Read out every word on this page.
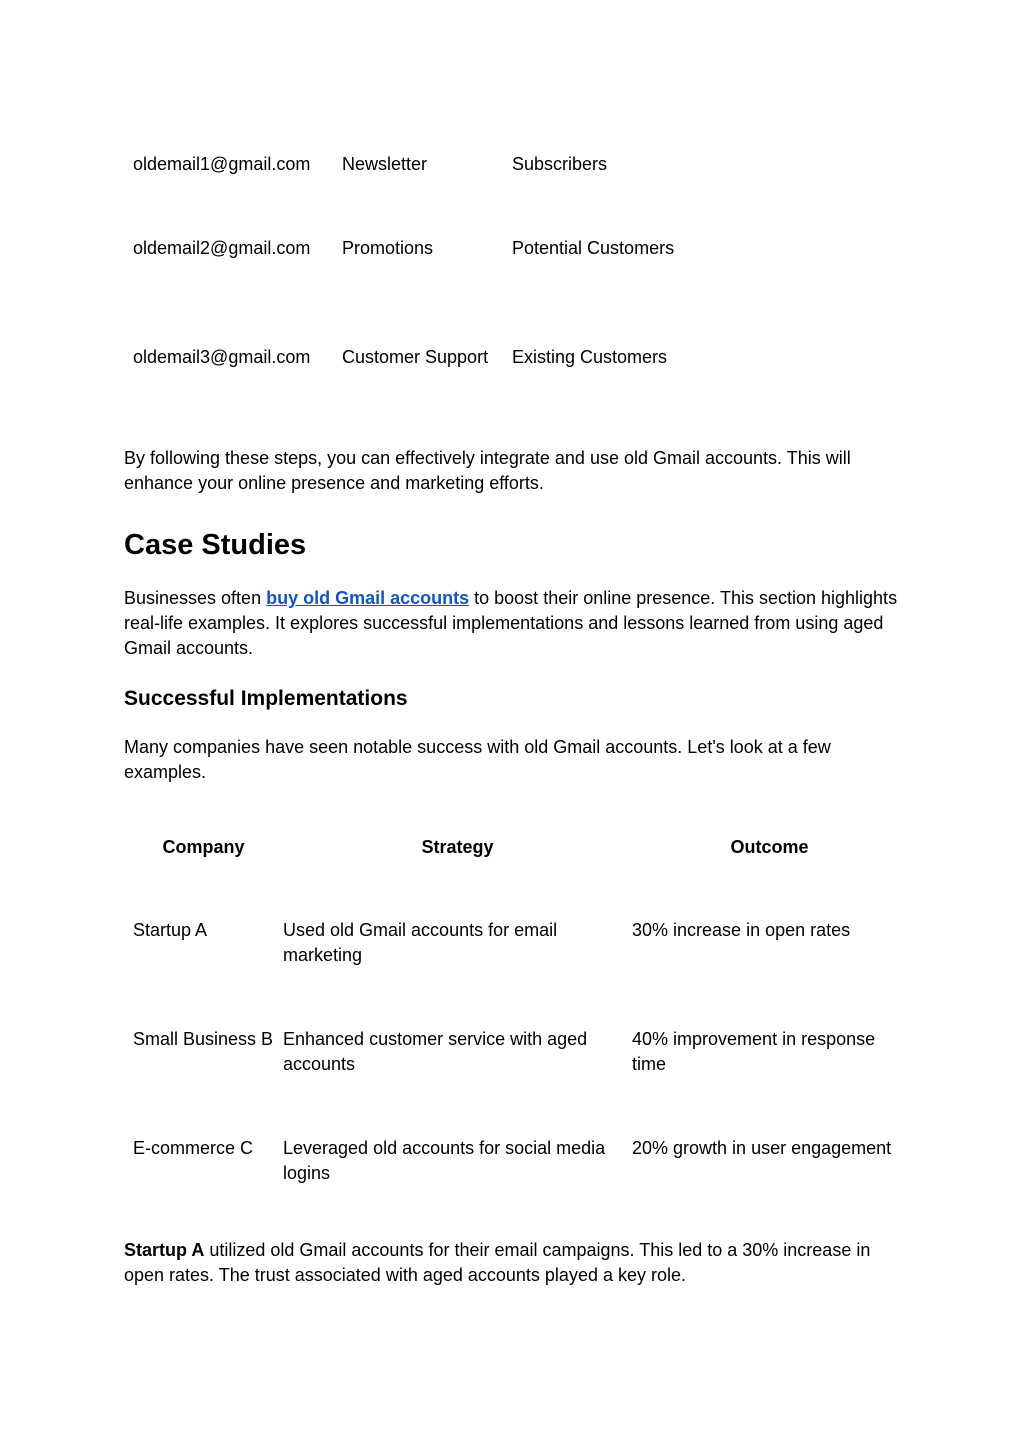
oldemail1@gmail.com	Newsletter	Subscribers
oldemail2@gmail.com	Promotions	Potential Customers
oldemail3@gmail.com	Customer Support	Existing Customers

By following these steps, you can effectively integrate and use old Gmail accounts. This will enhance your online presence and marketing efforts.

Case Studies

Businesses often buy old Gmail accounts to boost their online presence. This section highlights real-life examples. It explores successful implementations and lessons learned from using aged Gmail accounts.

Successful Implementations

Many companies have seen notable success with old Gmail accounts. Let's look at a few examples.

Company	Strategy	Outcome
Startup A	Used old Gmail accounts for email marketing	30% increase in open rates
Small Business B	Enhanced customer service with aged accounts	40% improvement in response time
E-commerce C	Leveraged old accounts for social media logins	20% growth in user engagement

Startup A utilized old Gmail accounts for their email campaigns. This led to a 30% increase in open rates. The trust associated with aged accounts played a key role.
